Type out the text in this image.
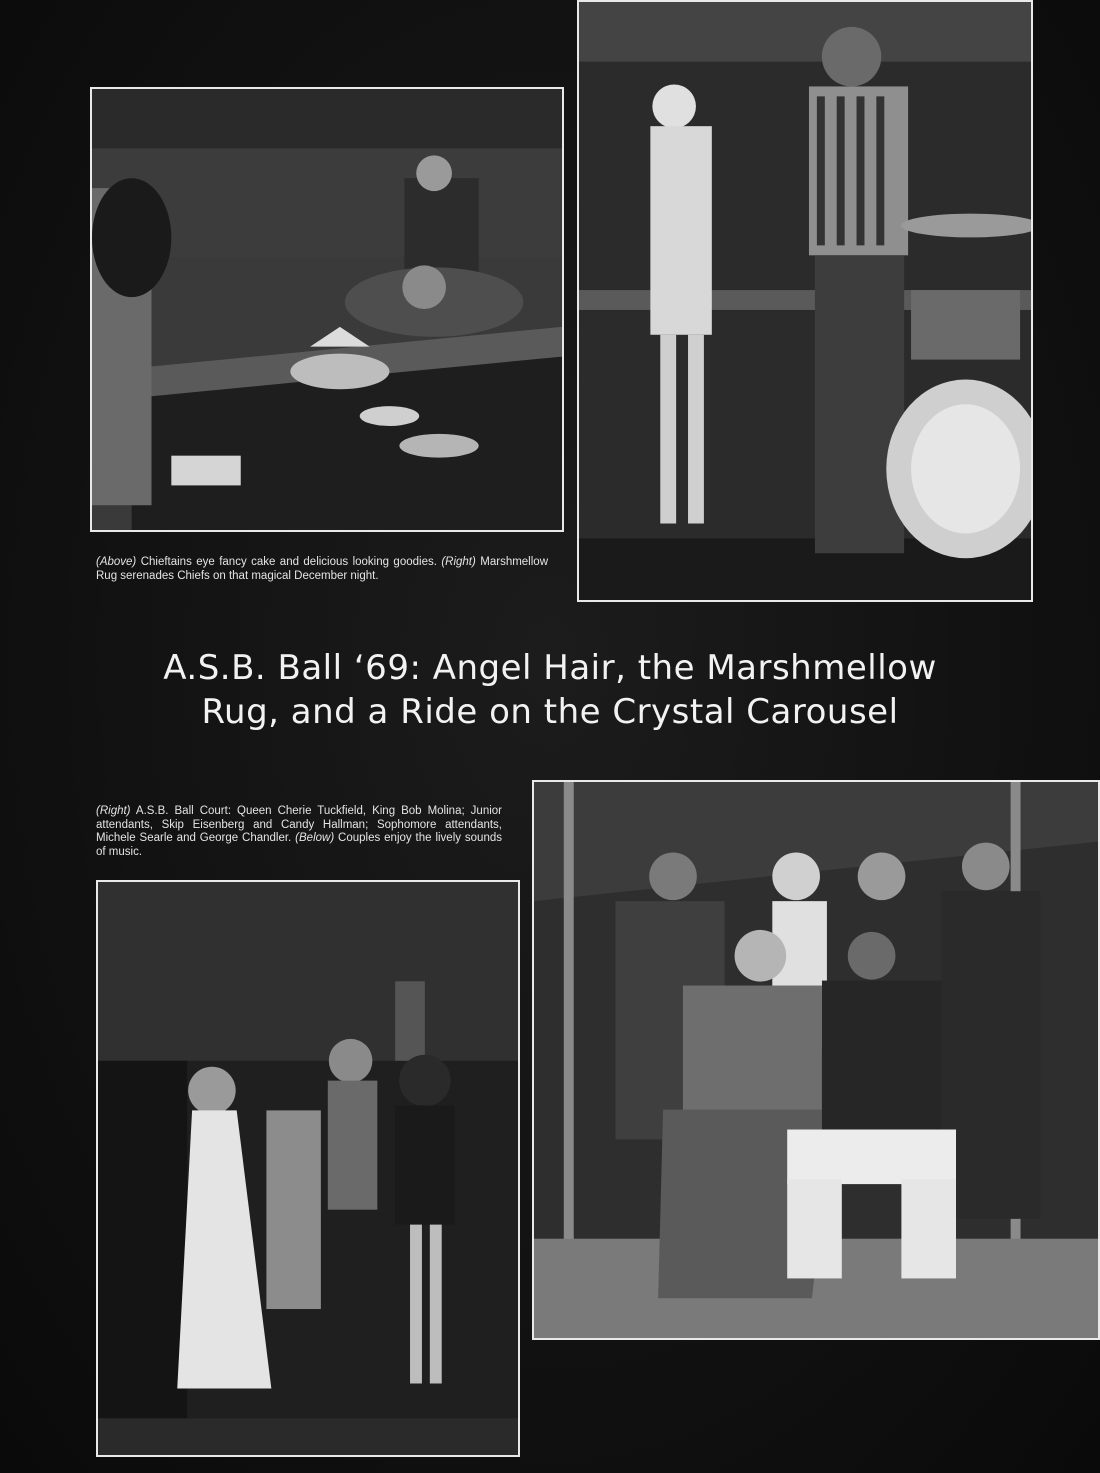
(Above) Chieftains eye fancy cake and delicious looking goodies. (Right) Marshmellow Rug serenades Chiefs on that magical December night.
A.S.B. Ball ‘69: Angel Hair, the Marshmellow
Rug, and a Ride on the Crystal Carousel
(Right) A.S.B. Ball Court: Queen Cherie Tuckfield, King Bob Molina; Junior attendants, Skip Eisenberg and Candy Hallman; Sophomore attendants, Michele Searle and George Chandler. (Below) Couples enjoy the lively sounds of music.
